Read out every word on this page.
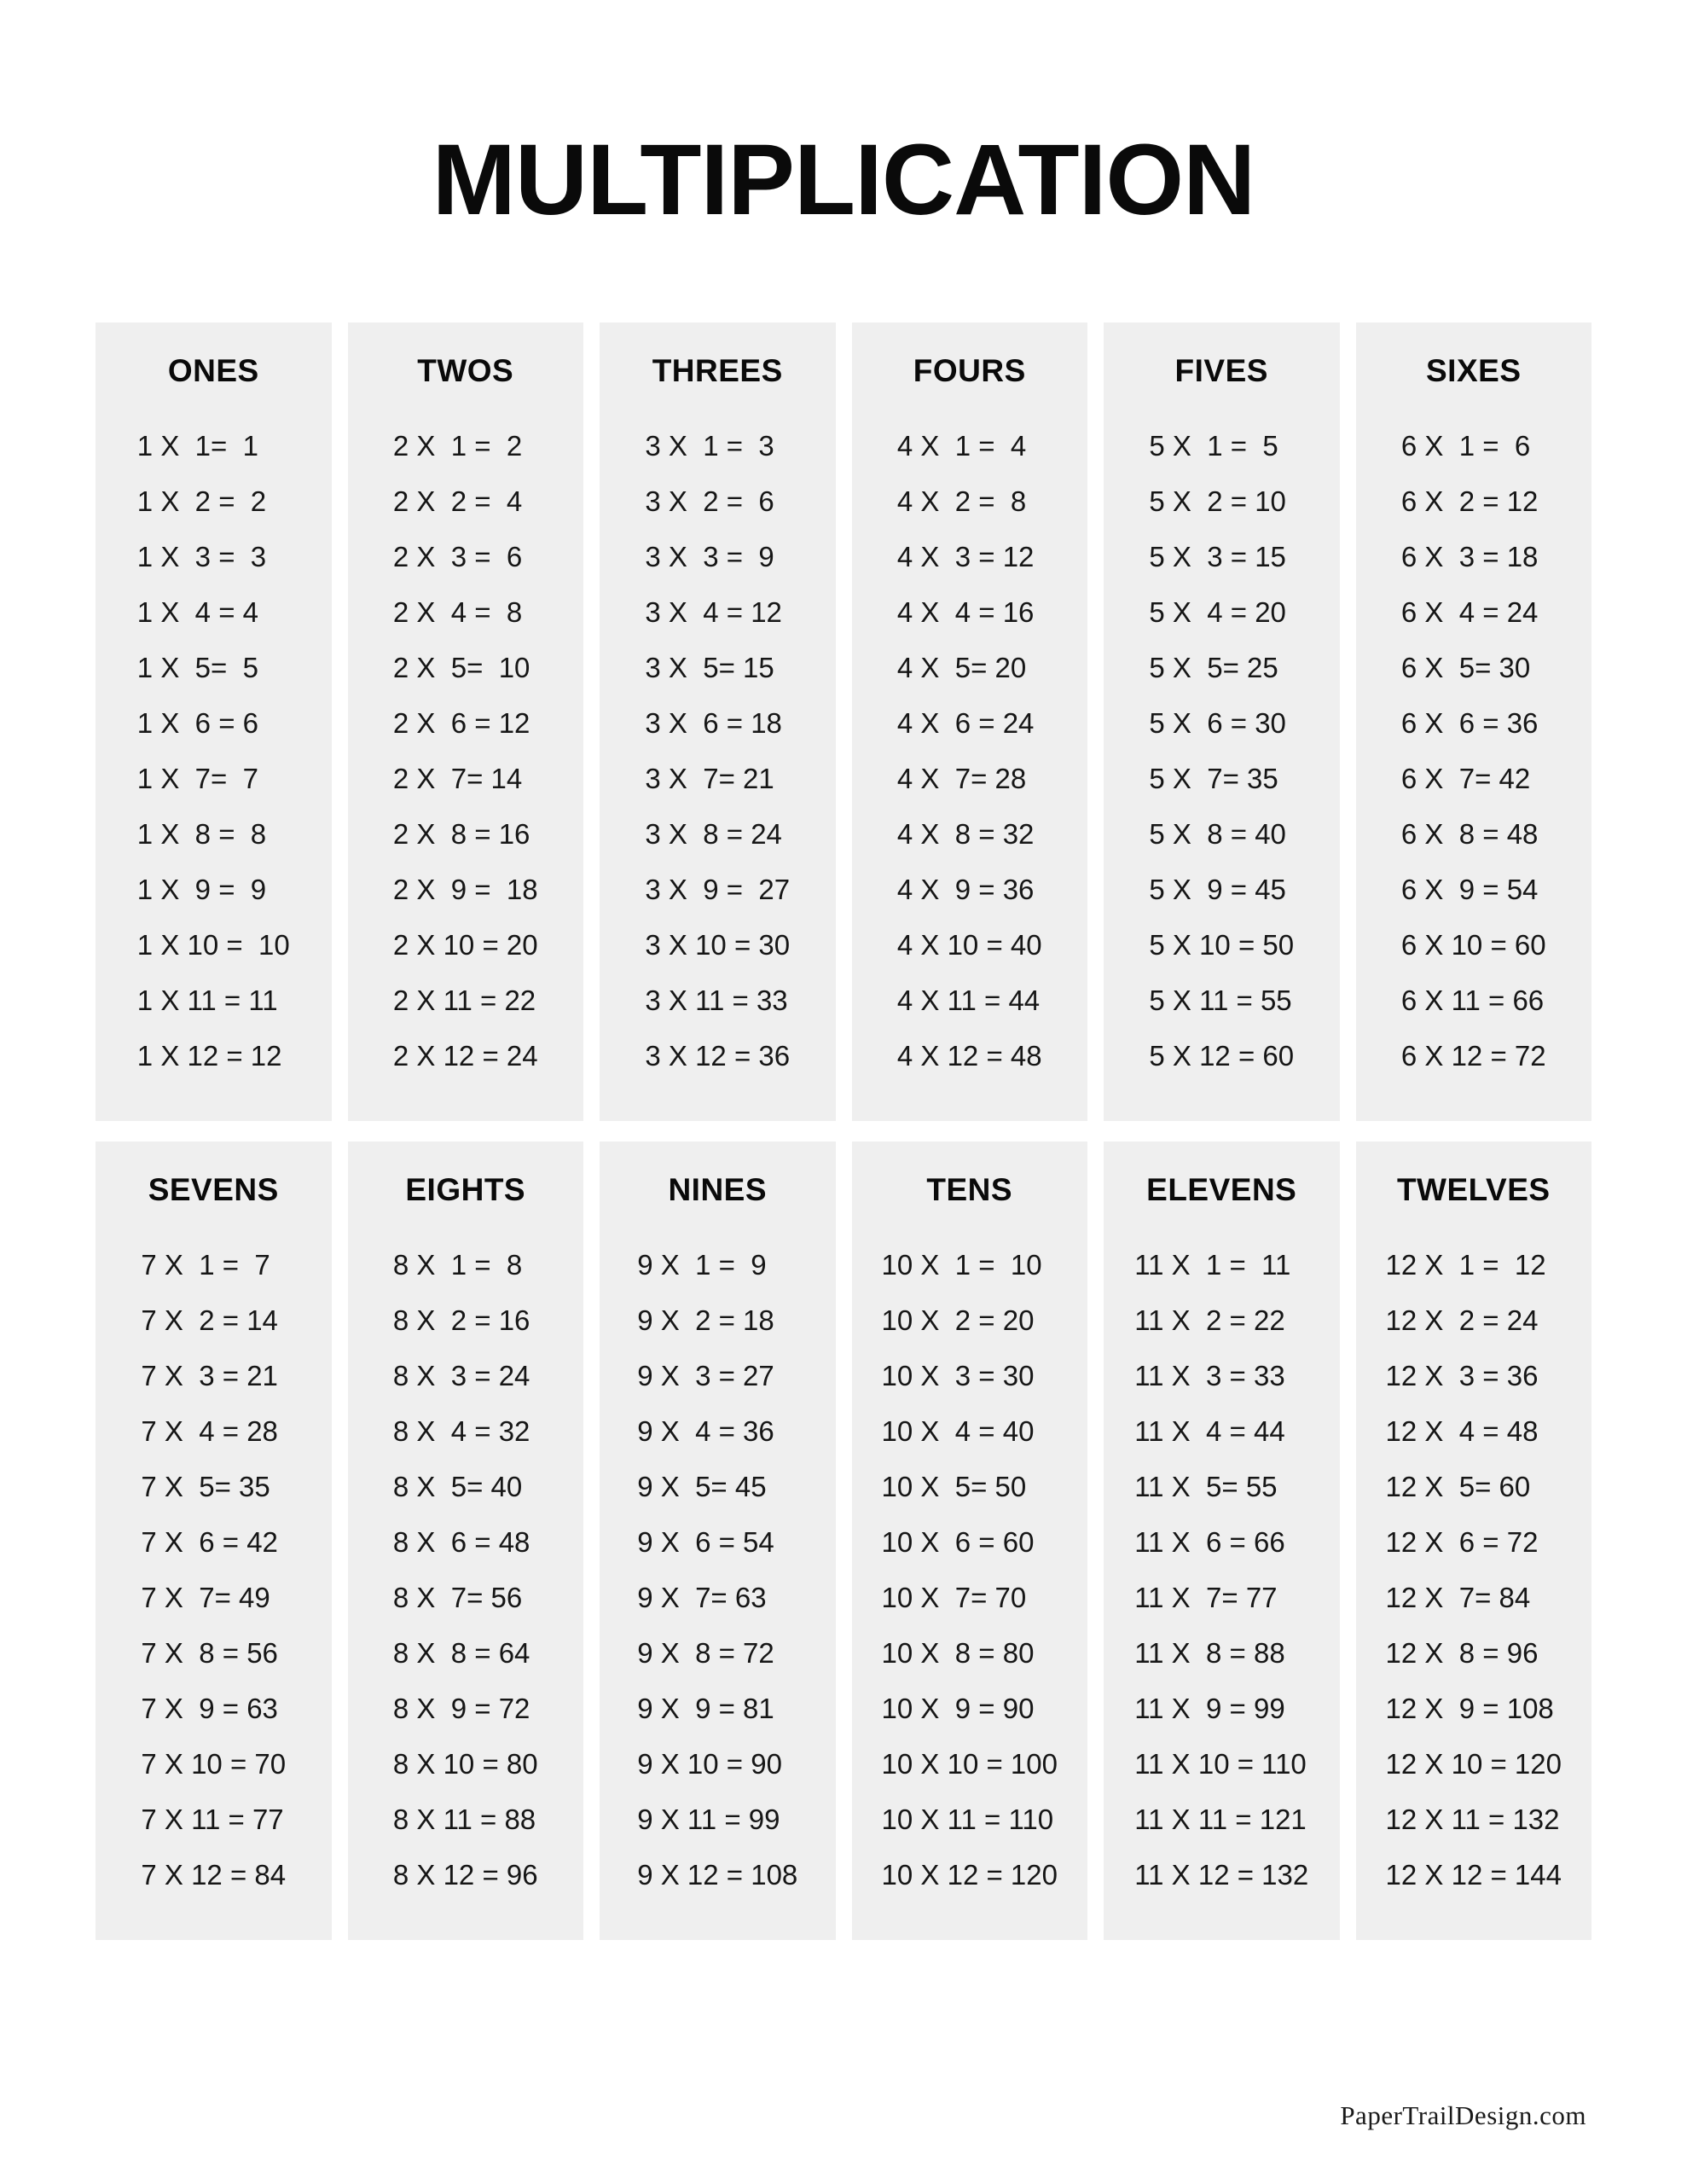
MULTIPLICATION
ONES
1 X  1=  1
1 X  2 =  2
1 X  3 =  3
1 X  4 = 4
1 X  5=  5
1 X  6 = 6
1 X  7=  7
1 X  8 =  8
1 X  9 =  9
1 X 10 =  10
1 X 11 = 11
1 X 12 = 12
TWOS
2 X  1 =  2
2 X  2 =  4
2 X  3 =  6
2 X  4 =  8
2 X  5=  10
2 X  6 = 12
2 X  7= 14
2 X  8 = 16
2 X  9 =  18
2 X 10 = 20
2 X 11 = 22
2 X 12 = 24
THREES
3 X  1 =  3
3 X  2 =  6
3 X  3 =  9
3 X  4 = 12
3 X  5= 15
3 X  6 = 18
3 X  7= 21
3 X  8 = 24
3 X  9 =  27
3 X 10 = 30
3 X 11 = 33
3 X 12 = 36
FOURS
4 X  1 =  4
4 X  2 =  8
4 X  3 = 12
4 X  4 = 16
4 X  5= 20
4 X  6 = 24
4 X  7= 28
4 X  8 = 32
4 X  9 = 36
4 X 10 = 40
4 X 11 = 44
4 X 12 = 48
FIVES
5 X  1 =  5
5 X  2 = 10
5 X  3 = 15
5 X  4 = 20
5 X  5= 25
5 X  6 = 30
5 X  7= 35
5 X  8 = 40
5 X  9 = 45
5 X 10 = 50
5 X 11 = 55
5 X 12 = 60
SIXES
6 X  1 =  6
6 X  2 = 12
6 X  3 = 18
6 X  4 = 24
6 X  5= 30
6 X  6 = 36
6 X  7= 42
6 X  8 = 48
6 X  9 = 54
6 X 10 = 60
6 X 11 = 66
6 X 12 = 72
SEVENS
7 X  1 =  7
7 X  2 = 14
7 X  3 = 21
7 X  4 = 28
7 X  5= 35
7 X  6 = 42
7 X  7= 49
7 X  8 = 56
7 X  9 = 63
7 X 10 = 70
7 X 11 = 77
7 X 12 = 84
EIGHTS
8 X  1 =  8
8 X  2 = 16
8 X  3 = 24
8 X  4 = 32
8 X  5= 40
8 X  6 = 48
8 X  7= 56
8 X  8 = 64
8 X  9 = 72
8 X 10 = 80
8 X 11 = 88
8 X 12 = 96
NINES
9 X  1 =  9
9 X  2 = 18
9 X  3 = 27
9 X  4 = 36
9 X  5= 45
9 X  6 = 54
9 X  7= 63
9 X  8 = 72
9 X  9 = 81
9 X 10 = 90
9 X 11 = 99
9 X 12 = 108
TENS
10 X  1 =  10
10 X  2 = 20
10 X  3 = 30
10 X  4 = 40
10 X  5= 50
10 X  6 = 60
10 X  7= 70
10 X  8 = 80
10 X  9 = 90
10 X 10 = 100
10 X 11 = 110
10 X 12 = 120
ELEVENS
11 X  1 =  11
11 X  2 = 22
11 X  3 = 33
11 X  4 = 44
11 X  5= 55
11 X  6 = 66
11 X  7= 77
11 X  8 = 88
11 X  9 = 99
11 X 10 = 110
11 X 11 = 121
11 X 12 = 132
TWELVES
12 X  1 =  12
12 X  2 = 24
12 X  3 = 36
12 X  4 = 48
12 X  5= 60
12 X  6 = 72
12 X  7= 84
12 X  8 = 96
12 X  9 = 108
12 X 10 = 120
12 X 11 = 132
12 X 12 = 144
PaperTrailDesign.com
